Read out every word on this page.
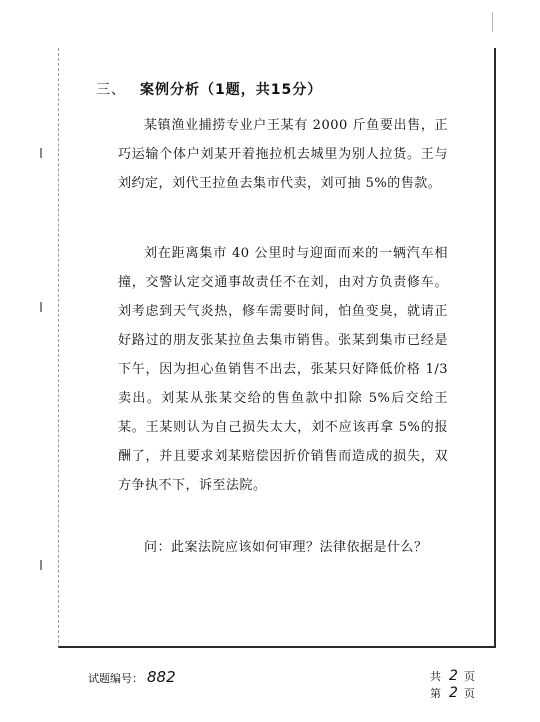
三、 案例分析（1题，共15分）
某镇渔业捕捞专业户王某有 2000 斤鱼要出售，正巧运输个体户刘某开着拖拉机去城里为别人拉货。王与刘约定，刘代王拉鱼去集市代卖，刘可抽 5%的售款。
刘在距离集市 40 公里时与迎面而来的一辆汽车相撞，交警认定交通事故责任不在刘，由对方负责修车。刘考虑到天气炎热，修车需要时间，怕鱼变臭，就请正好路过的朋友张某拉鱼去集市销售。张某到集市已经是下午，因为担心鱼销售不出去，张某只好降低价格 1/3 卖出。刘某从张某交给的售鱼款中扣除 5%后交给王某。王某则认为自己损失太大，刘不应该再拿 5%的报酬了，并且要求刘某赔偿因折价销售而造成的损失，双方争执不下，诉至法院。
问：此案法院应该如何审理？法律依据是什么？
试题编号： 882	共 2 页
第 2 页
